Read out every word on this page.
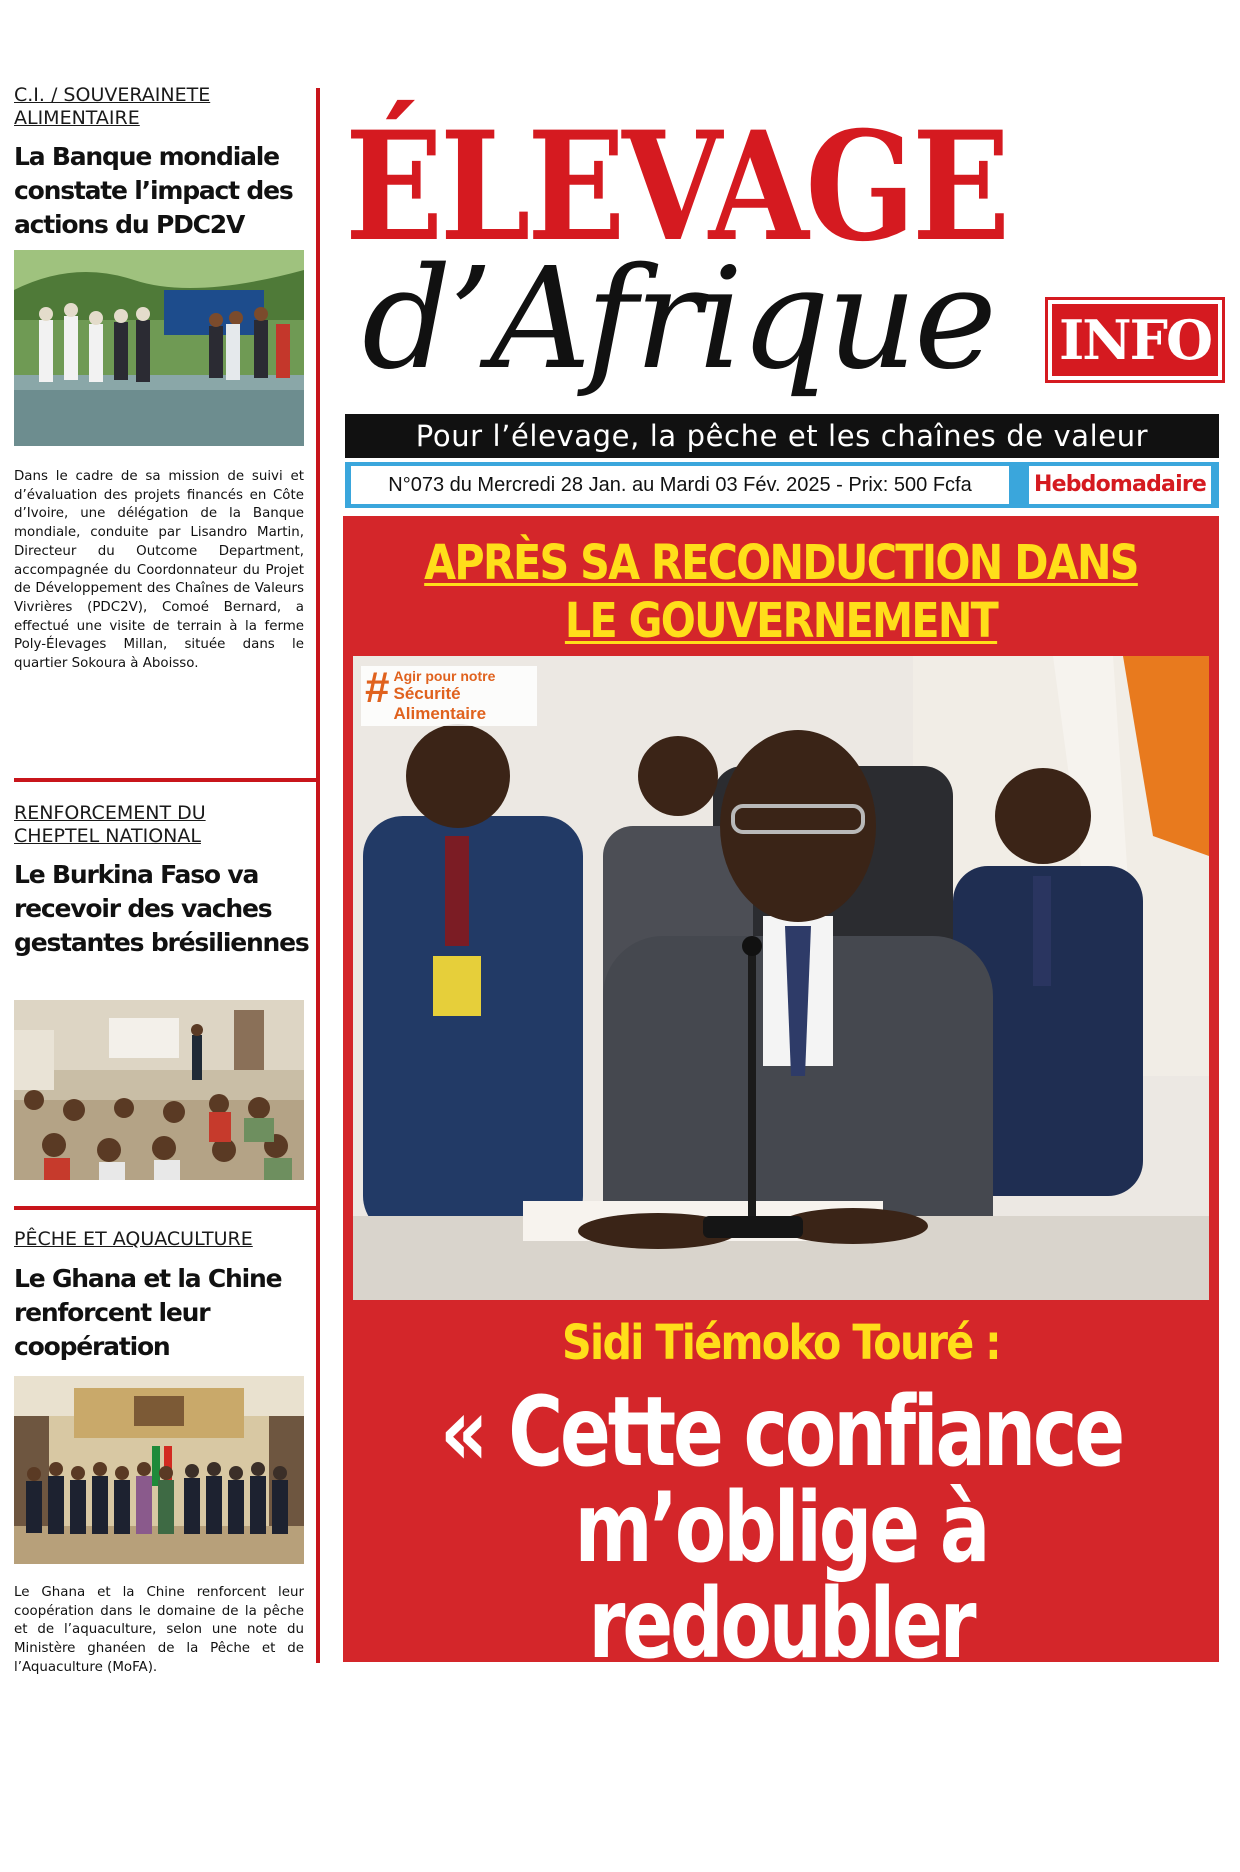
C.I. / SOUVERAINETE ALIMENTAIRE
La Banque mondiale constate l’impact des actions du PDC2V
Dans le cadre de sa mission de suivi et d’évaluation des projets financés en Côte d’Ivoire, une délégation de la Banque mondiale, conduite par Lisandro Martin, Directeur du Outcome Department, accompagnée du Coordonnateur du Projet de Développement des Chaînes de Valeurs Vivrières (PDC2V), Comoé Bernard, a effectué une visite de terrain à la ferme Poly-Élevages Millan, située dans le quartier Sokoura à Aboisso.
RENFORCEMENT DU CHEPTEL NATIONAL
Le Burkina Faso va recevoir des vaches gestantes brésiliennes
PÊCHE ET AQUACULTURE
Le Ghana et la Chine renforcent leur coopération
Le Ghana et la Chine renforcent leur coopération dans le domaine de la pêche et de l’aquaculture, selon une note du Ministère ghanéen de la Pêche et de l’Aquaculture (MoFA).
ÉLEVAGE
d’Afrique INFO
Pour l’élevage, la pêche et les chaînes de valeur
N°073 du Mercredi 28 Jan. au Mardi 03 Fév. 2025 - Prix: 500 Fcfa	Hebdomadaire
APRÈS SA RECONDUCTION DANS
LE GOUVERNEMENT
# Agir pour notre
Sécurité Alimentaire
Sidi Tiémoko Touré :
« Cette confiance
m’oblige à redoubler
d’engagement... »
